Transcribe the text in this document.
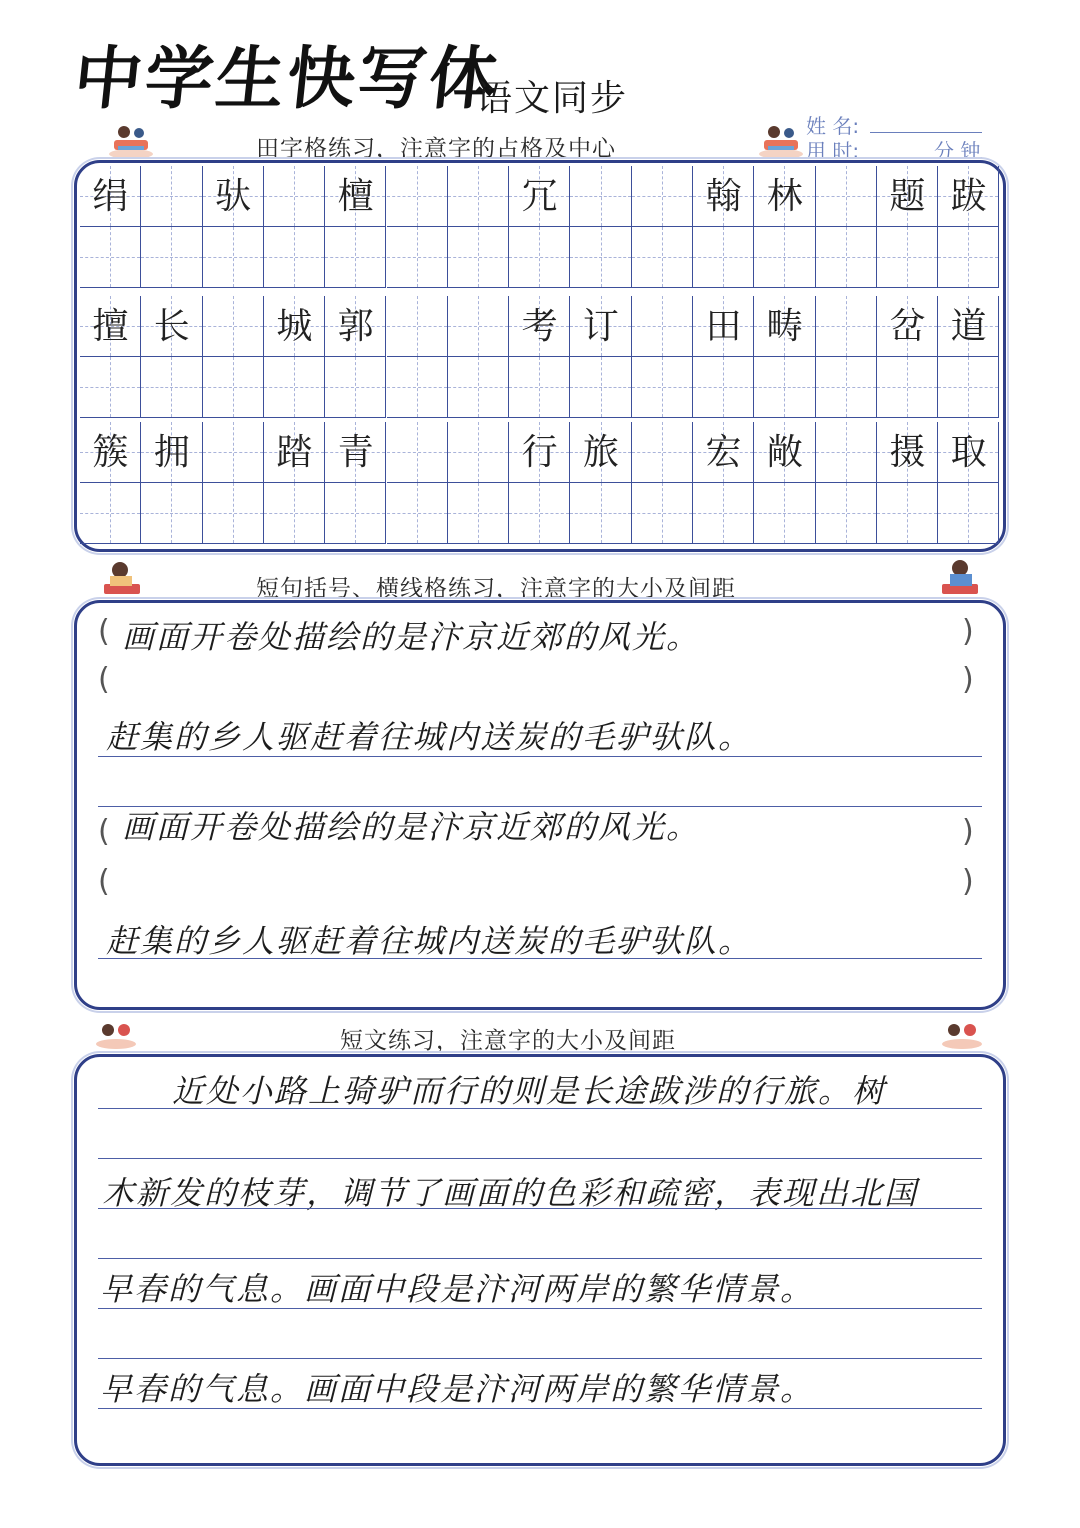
中学生快写体
语文同步
姓 名:
用 时:	分 钟
田字格练习，注意字的占格及中心
绢	驮	檀	冗	翰 林	题 跋
擅 长	城 郭	考 订	田 畴	岔 道
簇 拥	踏 青	行 旅	宏 敞	摄 取
短句括号、横线格练习，注意字的大小及间距
(	)
(	)
画面开卷处描绘的是汴京近郊的风光。
赶集的乡人驱赶着往城内送炭的毛驴驮队。
(	)
(	)
画面开卷处描绘的是汴京近郊的风光。
赶集的乡人驱赶着往城内送炭的毛驴驮队。
短文练习，注意字的大小及间距
近处小路上骑驴而行的则是长途跋涉的行旅。树
木新发的枝芽，调节了画面的色彩和疏密，表现出北国
早春的气息。画面中段是汴河两岸的繁华情景。
早春的气息。画面中段是汴河两岸的繁华情景。
